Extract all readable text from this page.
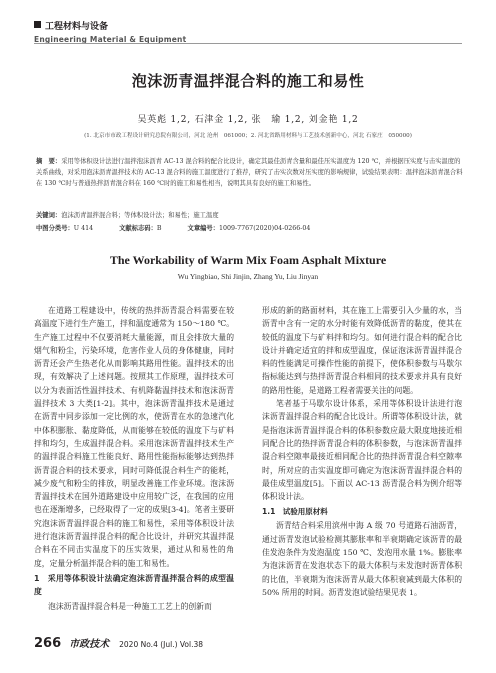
工程材料与设备
Engineering Material & Equipment
泡沫沥青温拌混合料的施工和易性
吴英彪 1,2, 石津金 1,2, 张　瑜 1,2, 刘金艳 1,2
(1. 北京市市政工程设计研究总院有限公司，河北 沧州　061000；2. 河北省路用材料与工艺技术创新中心，河北 石家庄　050000)
摘　要：采用等体积设计法进行温拌泡沫沥青 AC-13 混合料的配合比设计，确定其最佳沥青含量和最佳压实温度为 120 ℃，并根据压实度与击实温度的关系曲线，对采用泡沫沥青温拌技术的 AC-13 混合料的施工温度进行了推荐，研究了击实次数对压实度的影响规律，试验结果表明：温拌泡沫沥青混合料在 130 ℃时与普通热拌沥青混合料在 160 ℃时的施工和易性相当，说明其具有良好的施工和易性。
关键词：泡沫沥青温拌混合料；等体积设计法；和易性；施工温度
中图分类号：U 414	文献标志码：B	文章编号：1009-7767(2020)04-0266-04
The Workability of Warm Mix Foam Asphalt Mixture
Wu Yingbiao, Shi Jinjin, Zhang Yu, Liu Jinyan

在道路工程建设中，传统的热拌沥青混合料需要在较高温度下进行生产施工，拌和温度通常为 150～180 ℃。生产施工过程中不仅要消耗大量能源，而且会排放大量的烟气和粉尘，污染环境，危害作业人员的身体健康，同时沥青还会产生热老化从而影响其路用性能。温拌技术的出现，有效解决了上述问题。按照其工作原理，温拌技术可以分为表面活性温拌技术、有机降黏温拌技术和泡沫沥青温拌技术 3 大类[1-2]。其中，泡沫沥青温拌技术是通过在沥青中同步添加一定比例的水，使沥青在水的急速汽化中体积膨胀、黏度降低，从而能够在较低的温度下与矿料拌和均匀，生成温拌混合料。采用泡沫沥青温拌技术生产的温拌混合料施工性能良好、路用性能指标能够达到热拌沥青混合料的技术要求，同时可降低混合料生产的能耗，减少废气和粉尘的排放，明显改善施工作业环境。泡沫沥青温拌技术在国外道路建设中应用较广泛，在我国的应用也在逐渐增多，已经取得了一定的成果[3-4]。笔者主要研究泡沫沥青温拌混合料的施工和易性，采用等体积设计法进行泡沫沥青温拌混合料的配合比设计，并研究其温拌混合料在不同击实温度下的压实效果，通过从和易性的角度，定量分析温拌混合料的施工和易性。

1　采用等体积设计法确定泡沫沥青温拌混合料的成型温度

泡沫沥青温拌混合料是一种施工工艺上的创新而

形成的新的路面材料，其在施工上需要引入少量的水，当沥青中含有一定的水分时能有效降低沥青的黏度，使其在较低的温度下与矿料拌和均匀。如何进行混合料的配合比设计并确定适宜的拌和成型温度，保证泡沫沥青温拌混合料的性能满足可操作性能的前提下，使体积参数与马歇尔指标能达到与热拌沥青混合料相同的技术要求并具有良好的路用性能，是道路工程者需要关注的问题。

笔者基于马歇尔设计体系，采用等体积设计法进行泡沫沥青温拌混合料的配合比设计。所谓等体积设计法，就是指泡沫沥青温拌混合料的体积参数应最大限度地接近相同配合比的热拌沥青混合料的体积参数，与泡沫沥青温拌混合料空隙率最接近相同配合比的热拌沥青混合料空隙率时，所对应的击实温度即可确定为泡沫沥青温拌混合料的最佳成型温度[5]。下面以 AC-13 沥青混合料为例介绍等体积设计法。

1.1　试验用原材料

沥青结合料采用滨州中海 A 级 70 号道路石油沥青，通过沥青发泡试验检测其膨胀率和半衰期确定该沥青的最佳发泡条件为发泡温度 150 ℃、发泡用水量 1%。膨胀率为泡沫沥青在发泡状态下的最大体积与未发泡时沥青体积的比值，半衰期为泡沫沥青从最大体积衰减到最大体积的 50% 所用的时间。沥青发泡试验结果见表 1。

266 市政技术 2020 No.4 (Jul.) Vol.38
